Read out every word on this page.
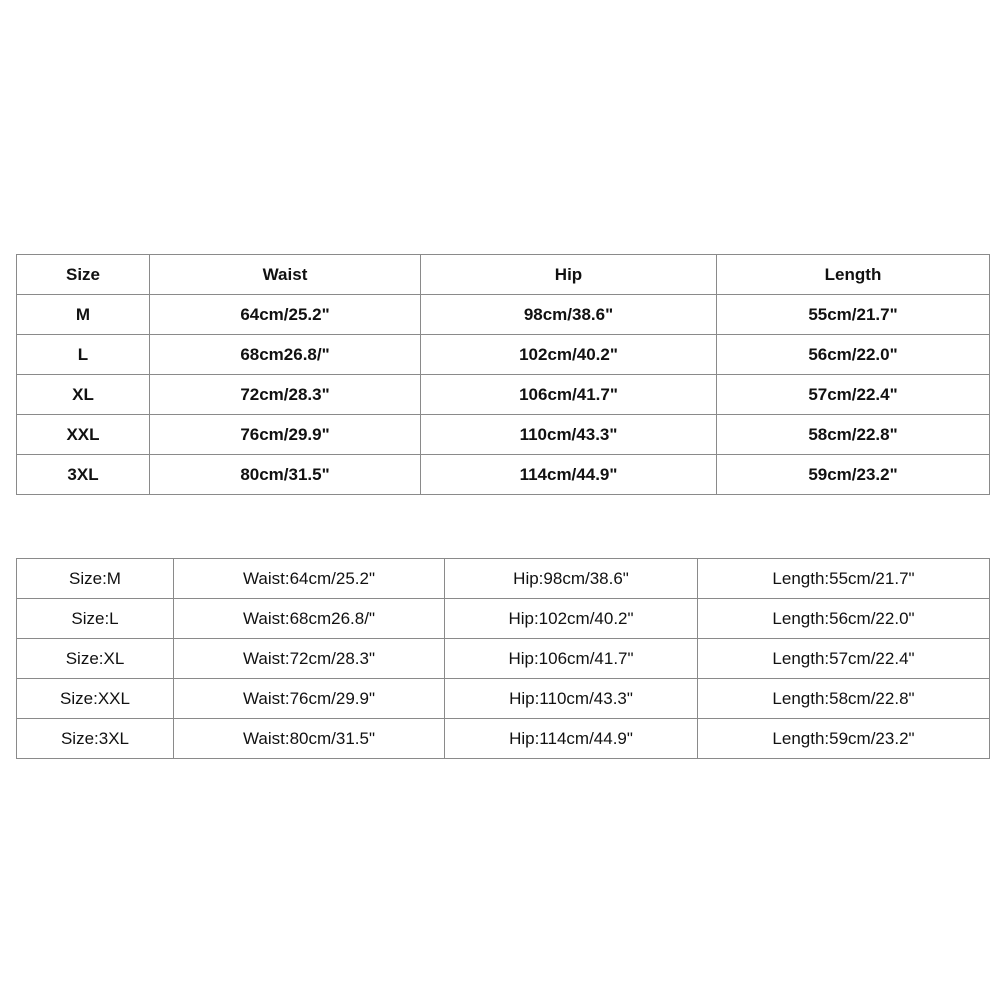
Size	Waist	Hip	Length
M	64cm/25.2"	98cm/38.6"	55cm/21.7"
L	68cm26.8/"	102cm/40.2"	56cm/22.0"
XL	72cm/28.3"	106cm/41.7"	57cm/22.4"
XXL	76cm/29.9"	110cm/43.3"	58cm/22.8"
3XL	80cm/31.5"	114cm/44.9"	59cm/23.2"
Size:M	Waist:64cm/25.2"	Hip:98cm/38.6"	Length:55cm/21.7"
Size:L	Waist:68cm26.8/"	Hip:102cm/40.2"	Length:56cm/22.0"
Size:XL	Waist:72cm/28.3"	Hip:106cm/41.7"	Length:57cm/22.4"
Size:XXL	Waist:76cm/29.9"	Hip:110cm/43.3"	Length:58cm/22.8"
Size:3XL	Waist:80cm/31.5"	Hip:114cm/44.9"	Length:59cm/23.2"
